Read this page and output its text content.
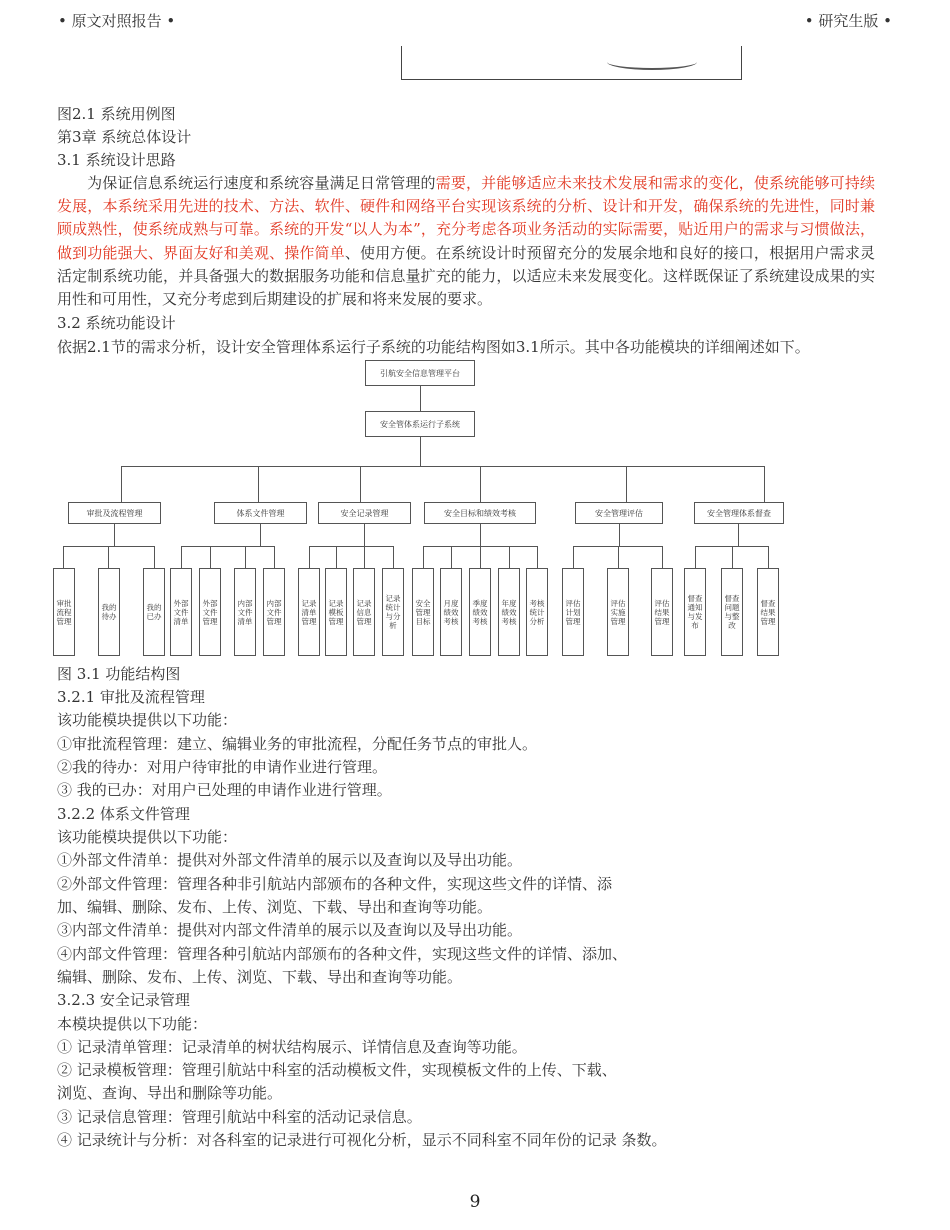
• 原文对照报告 •	• 研究生版 •
图2.1 系统用例图
第3章 系统总体设计
3.1 系统设计思路
为保证信息系统运行速度和系统容量满足日常管理的需要，并能够适应未来技术发展和需求的变化，使系统能够可持续发展，本系统采用先进的技术、方法、软件、硬件和网络平台实现该系统的分析、设计和开发，确保系统的先进性，同时兼顾成熟性，使系统成熟与可靠。系统的开发“以人为本”，充分考虑各项业务活动的实际需要，贴近用户的需求与习惯做法，做到功能强大、界面友好和美观、操作简单、使用方便。在系统设计时预留充分的发展余地和良好的接口，根据用户需求灵活定制系统功能，并具备强大的数据服务功能和信息量扩充的能力，以适应未来发展变化。这样既保证了系统建设成果的实用性和可用性，又充分考虑到后期建设的扩展和将来发展的要求。
3.2 系统功能设计
依据2.1节的需求分析，设计安全管理体系运行子系统的功能结构图如3.1所示。其中各功能模块的详细阐述如下。
引航安全信息管理平台
安全管体系运行子系统
审批及流程管理	体系文件管理	安全记录管理	安全目标和绩效考核	安全管理评估	安全管理体系督查
审批流程管理
我的待办
我的已办
外部文件清单
外部文件管理
内部文件清单
内部文件管理
记录清单管理
记录模板管理
记录信息管理
记录统计与分析
安全管理目标
月度绩效考核
季度绩效考核
年度绩效考核
考核统计分析
评估计划管理
评估实施管理
评估结果管理
督查通知与发布
督查问题与整改
督查结果管理
图 3.1 功能结构图
3.2.1 审批及流程管理
该功能模块提供以下功能：
①审批流程管理：建立、编辑业务的审批流程，分配任务节点的审批人。
②我的待办：对用户待审批的申请作业进行管理。
③ 我的已办：对用户已处理的申请作业进行管理。
3.2.2 体系文件管理
该功能模块提供以下功能：
①外部文件清单：提供对外部文件清单的展示以及查询以及导出功能。
②外部文件管理：管理各种非引航站内部颁布的各种文件，实现这些文件的详情、添
加、编辑、删除、发布、上传、浏览、下载、导出和查询等功能。
③内部文件清单：提供对内部文件清单的展示以及查询以及导出功能。
④内部文件管理：管理各种引航站内部颁布的各种文件，实现这些文件的详情、添加、
编辑、删除、发布、上传、浏览、下载、导出和查询等功能。
3.2.3 安全记录管理
本模块提供以下功能：
① 记录清单管理：记录清单的树状结构展示、详情信息及查询等功能。
② 记录模板管理：管理引航站中科室的活动模板文件，实现模板文件的上传、下载、
浏览、查询、导出和删除等功能。
③ 记录信息管理：管理引航站中科室的活动记录信息。
④ 记录统计与分析：对各科室的记录进行可视化分析，显示不同科室不同年份的记录 条数。
9
